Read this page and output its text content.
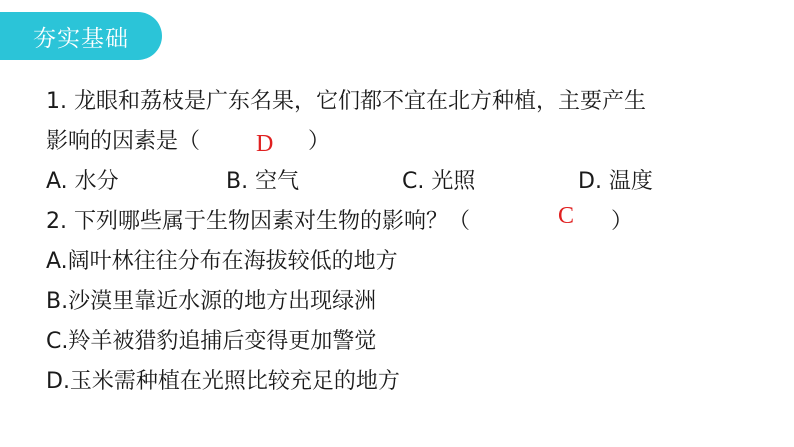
夯实基础
1. 龙眼和荔枝是广东名果，它们都不宜在北方种植，主要产生
影响的因素是（ D ）
A. 水分	B. 空气	C. 光照	D. 温度
2. 下列哪些属于生物因素对生物的影响？（	C ）
A.阔叶林往往分布在海拔较低的地方
B.沙漠里靠近水源的地方出现绿洲
C.羚羊被猎豹追捕后变得更加警觉
D.玉米需种植在光照比较充足的地方
